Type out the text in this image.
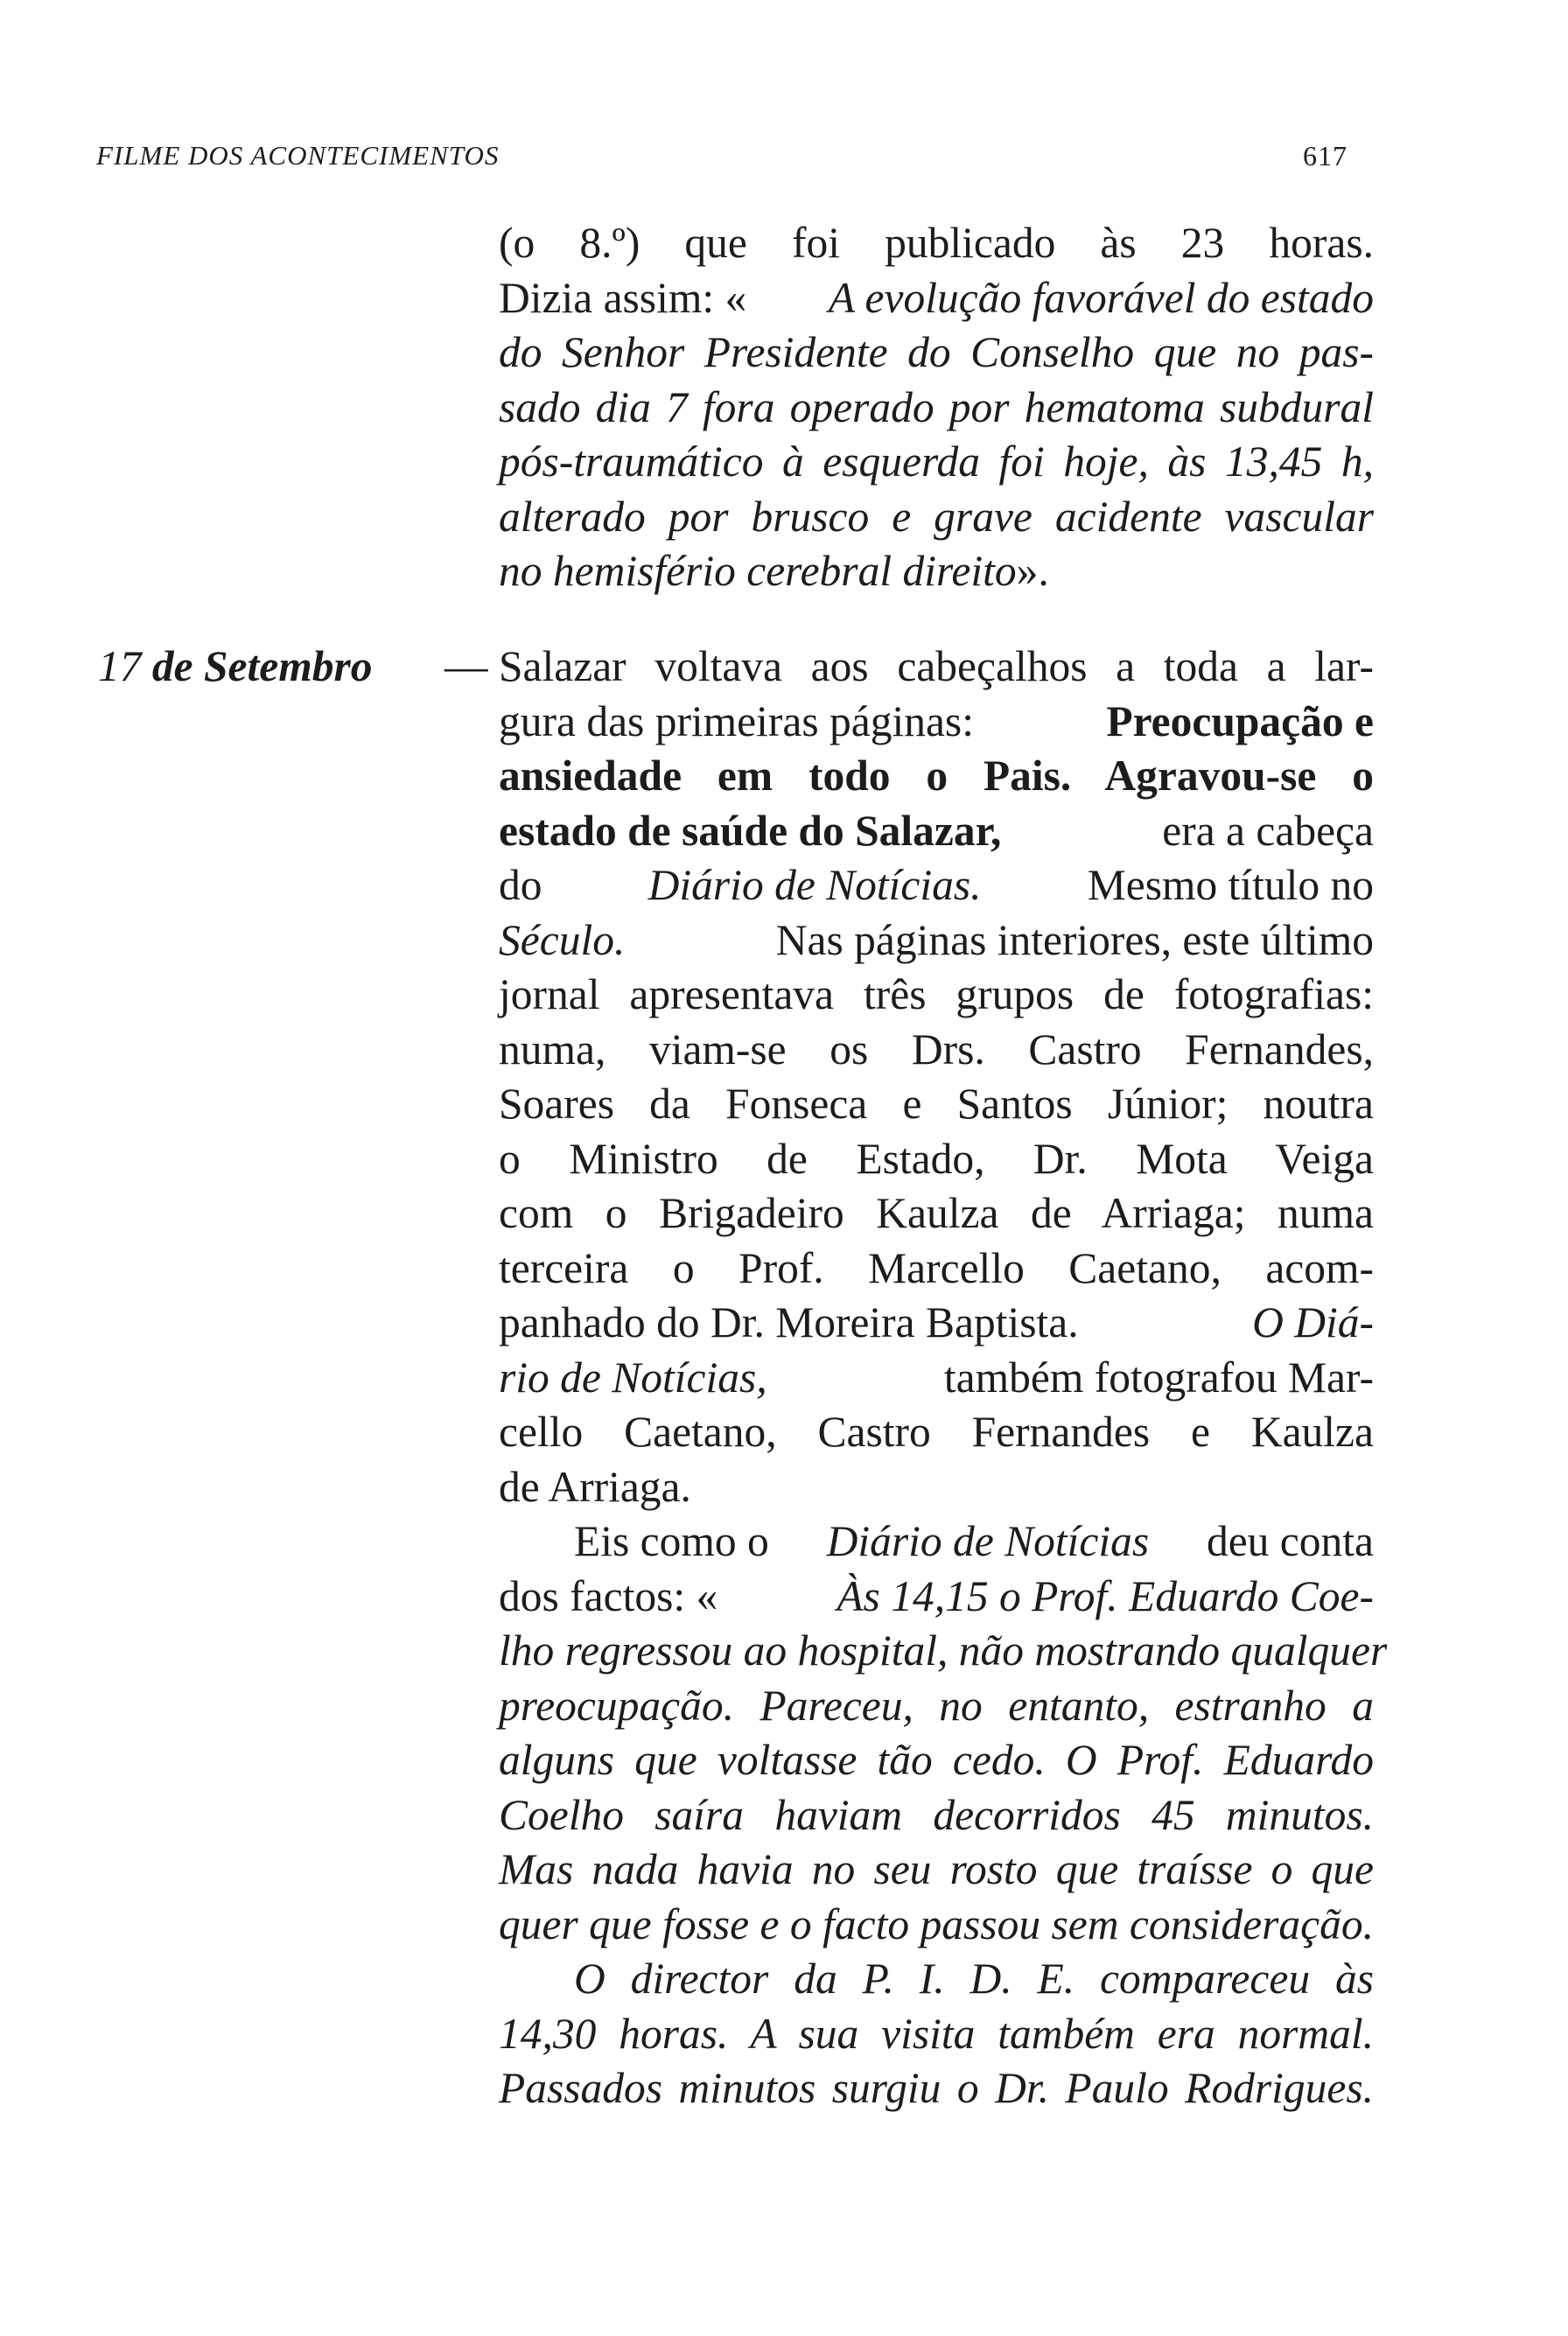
FILME DOS ACONTECIMENTOS	617
(o 8.º) que foi publicado às 23 horas.
Dizia assim: « A evolução favorável do estado
do Senhor Presidente do Conselho que no pas-
sado dia 7 fora operado por hematoma subdural
pós-traumático à esquerda foi hoje, às 13,45 h,
alterado por brusco e grave acidente vascular
no hemisfério cerebral direito ».
17 de Setembro — Salazar voltava aos cabeçalhos a toda a lar-
gura das primeiras páginas:	Preocupação e
ansiedade em todo o Pais. Agravou-se o
estado de saúde do Salazar,	era a cabeça
do Diário de Notícias. Mesmo título no
Século.	Nas páginas interiores, este último
jornal apresentava três grupos de fotografias:
numa, viam-se os Drs. Castro Fernandes,
Soares da Fonseca e Santos Júnior; noutra
o Ministro de Estado, Dr. Mota Veiga
com o Brigadeiro Kaulza de Arriaga; numa
terceira o Prof. Marcello Caetano, acom-
panhado do Dr. Moreira Baptista.	O Diá-
rio de Notícias,	também fotografou Mar-
cello Caetano, Castro Fernandes e Kaulza
de Arriaga.
Eis como o Diário de Notícias deu conta
dos factos: «	Às 14,15 o Prof. Eduardo Coe-
lho regressou ao hospital, não mostrando qualquer
preocupação. Pareceu, no entanto, estranho a
alguns que voltasse tão cedo. O Prof. Eduardo
Coelho saíra haviam decorridos 45 minutos.
Mas nada havia no seu rosto que traísse o que
quer que fosse e o facto passou sem consideração.
O director da P. I. D. E. compareceu às
14,30 horas. A sua visita também era normal.
Passados minutos surgiu o Dr. Paulo Rodrigues.
